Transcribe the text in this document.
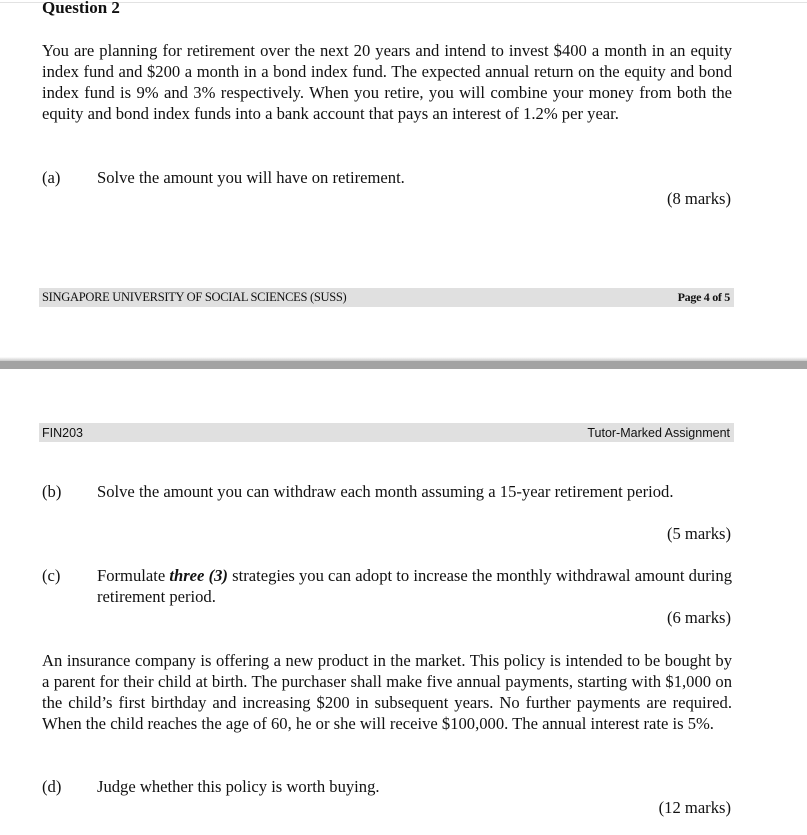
Question 2
You are planning for retirement over the next 20 years and intend to invest $400 a month in an equity index fund and $200 a month in a bond index fund. The expected annual return on the equity and bond index fund is 9% and 3% respectively. When you retire, you will combine your money from both the equity and bond index funds into a bank account that pays an interest of 1.2% per year.
(a) Solve the amount you will have on retirement.
(8 marks)
SINGAPORE UNIVERSITY OF SOCIAL SCIENCES (SUSS)	Page 4 of 5
FIN203	Tutor-Marked Assignment
(b) Solve the amount you can withdraw each month assuming a 15-year retirement period.
(5 marks)
(c) Formulate three (3) strategies you can adopt to increase the monthly withdrawal amount during retirement period.
(6 marks)
An insurance company is offering a new product in the market. This policy is intended to be bought by a parent for their child at birth. The purchaser shall make five annual payments, starting with $1,000 on the child’s first birthday and increasing $200 in subsequent years. No further payments are required. When the child reaches the age of 60, he or she will receive $100,000. The annual interest rate is 5%.
(d) Judge whether this policy is worth buying.
(12 marks)
